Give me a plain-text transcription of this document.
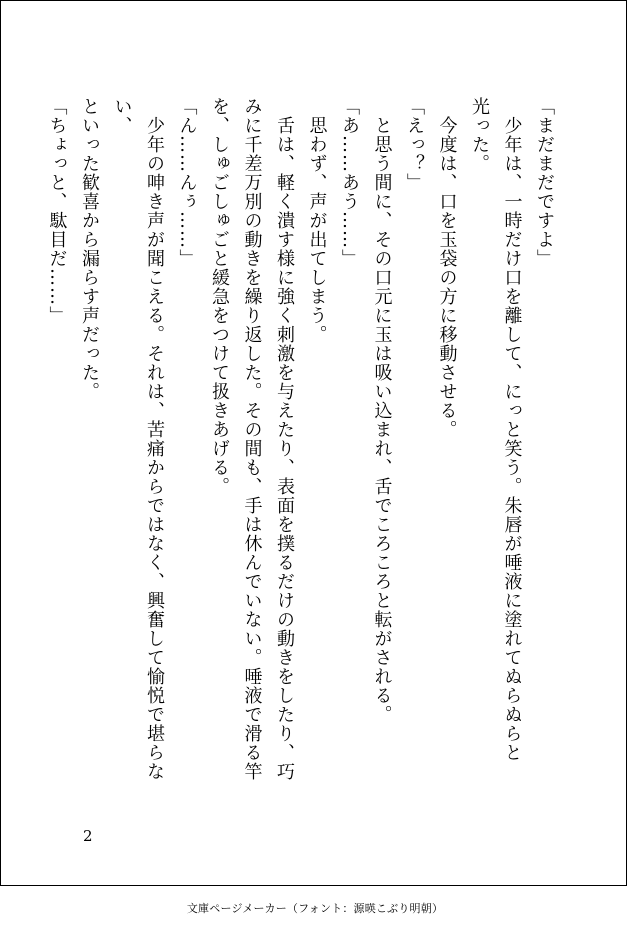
「まだまだですよ」

　少年は、一時だけ口を離して、にっと笑う。朱唇が唾液に塗れてぬらぬらと

光った。

　今度は、口を玉袋の方に移動させる。

「えっ？」

　と思う間に、その口元に玉は吸い込まれ、舌でころころと転がされる。

「あ……あう……」

　思わず、声が出てしまう。

　舌は、軽く潰す様に強く刺激を与えたり、表面を撲るだけの動きをしたり、巧

みに千差万別の動きを繰り返した。その間も、手は休んでいない。唾液で滑る竿

を、しゅごしゅごと緩急をつけて扱きあげる。

「ん……んぅ……」

　少年の呻き声が聞こえる。それは、苦痛からではなく、興奮して愉悦で堪らない、

といった歓喜から漏らす声だった。

「ちょっと、駄目だ……」

2
文庫ページメーカー（フォント：源暎こぶり明朝）
